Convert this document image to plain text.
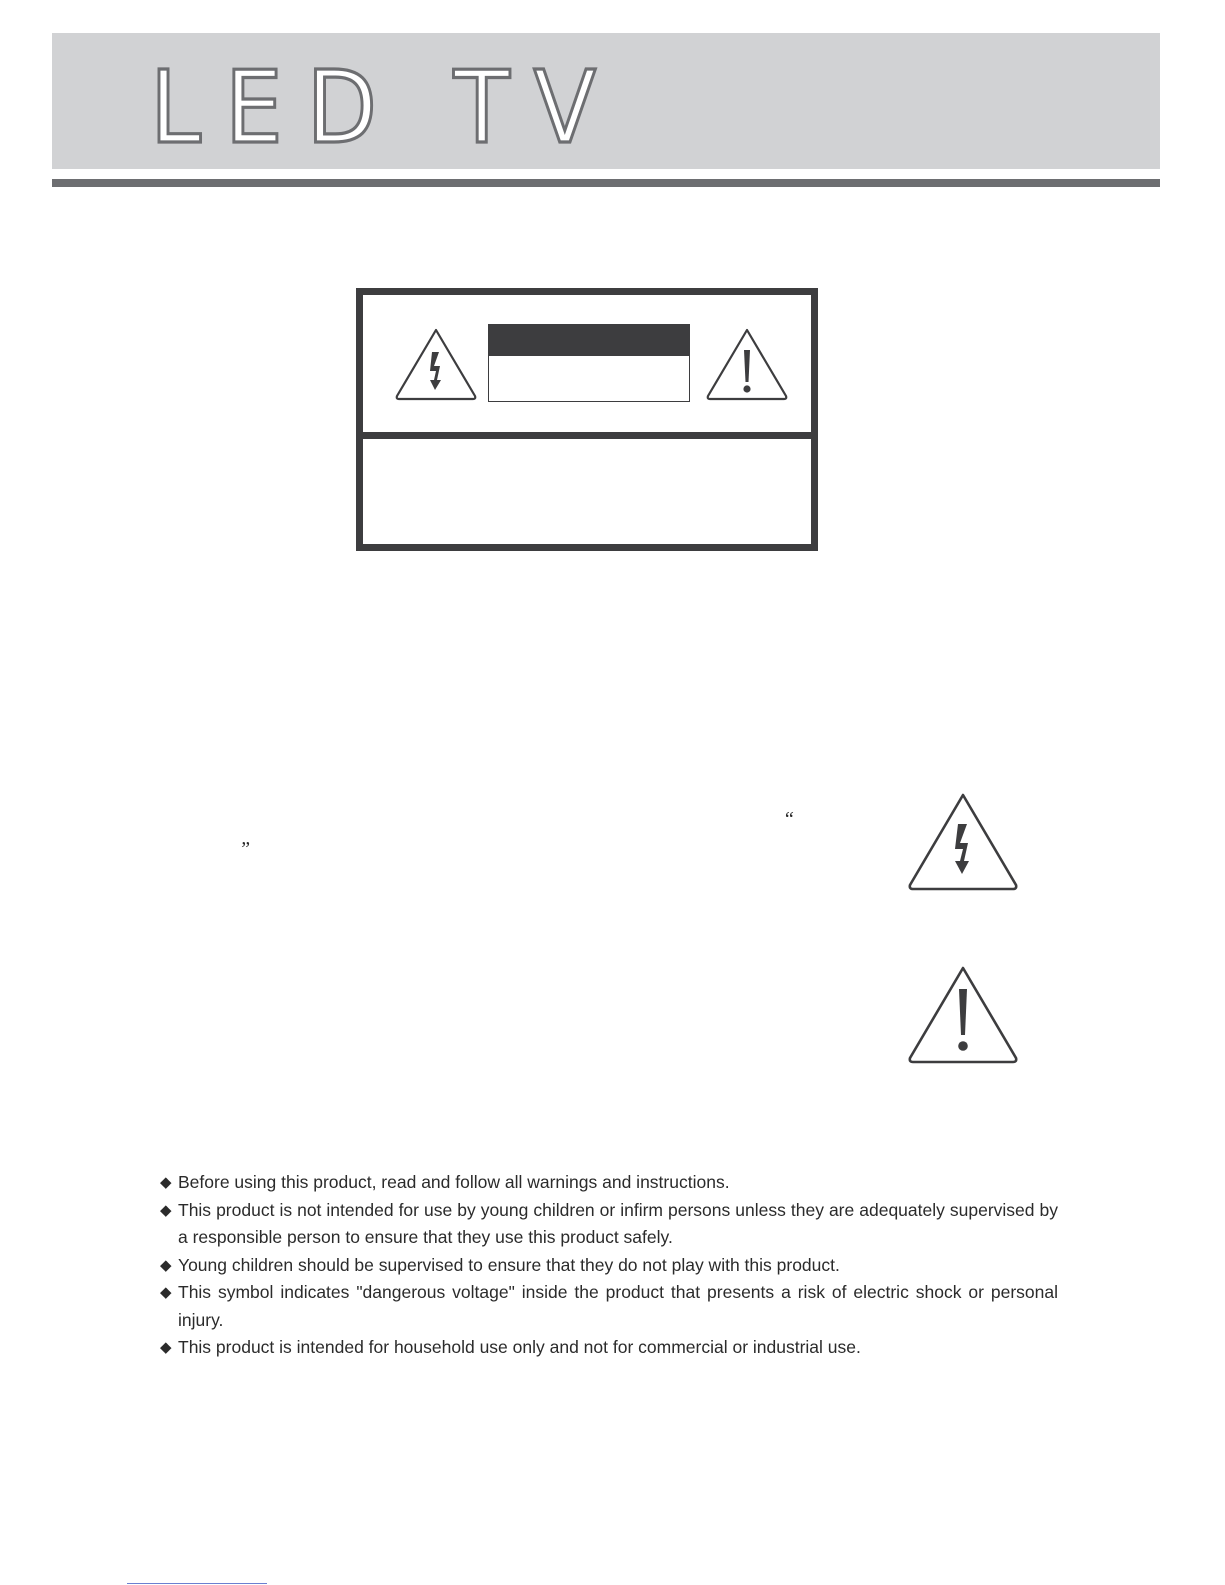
LED TV
“
”
◆ Before using this product, read and follow all warnings and instructions.
◆ This product is not intended for use by young children or infirm persons unless they are adequately supervised by a responsible person to ensure that they use this product safely.
◆ Young children should be supervised to ensure that they do not play with this product.
◆ This symbol indicates "dangerous voltage" inside the product that presents a risk of electric shock or personal injury.
◆ This product is intended for household use only and not for commercial or industrial use.
